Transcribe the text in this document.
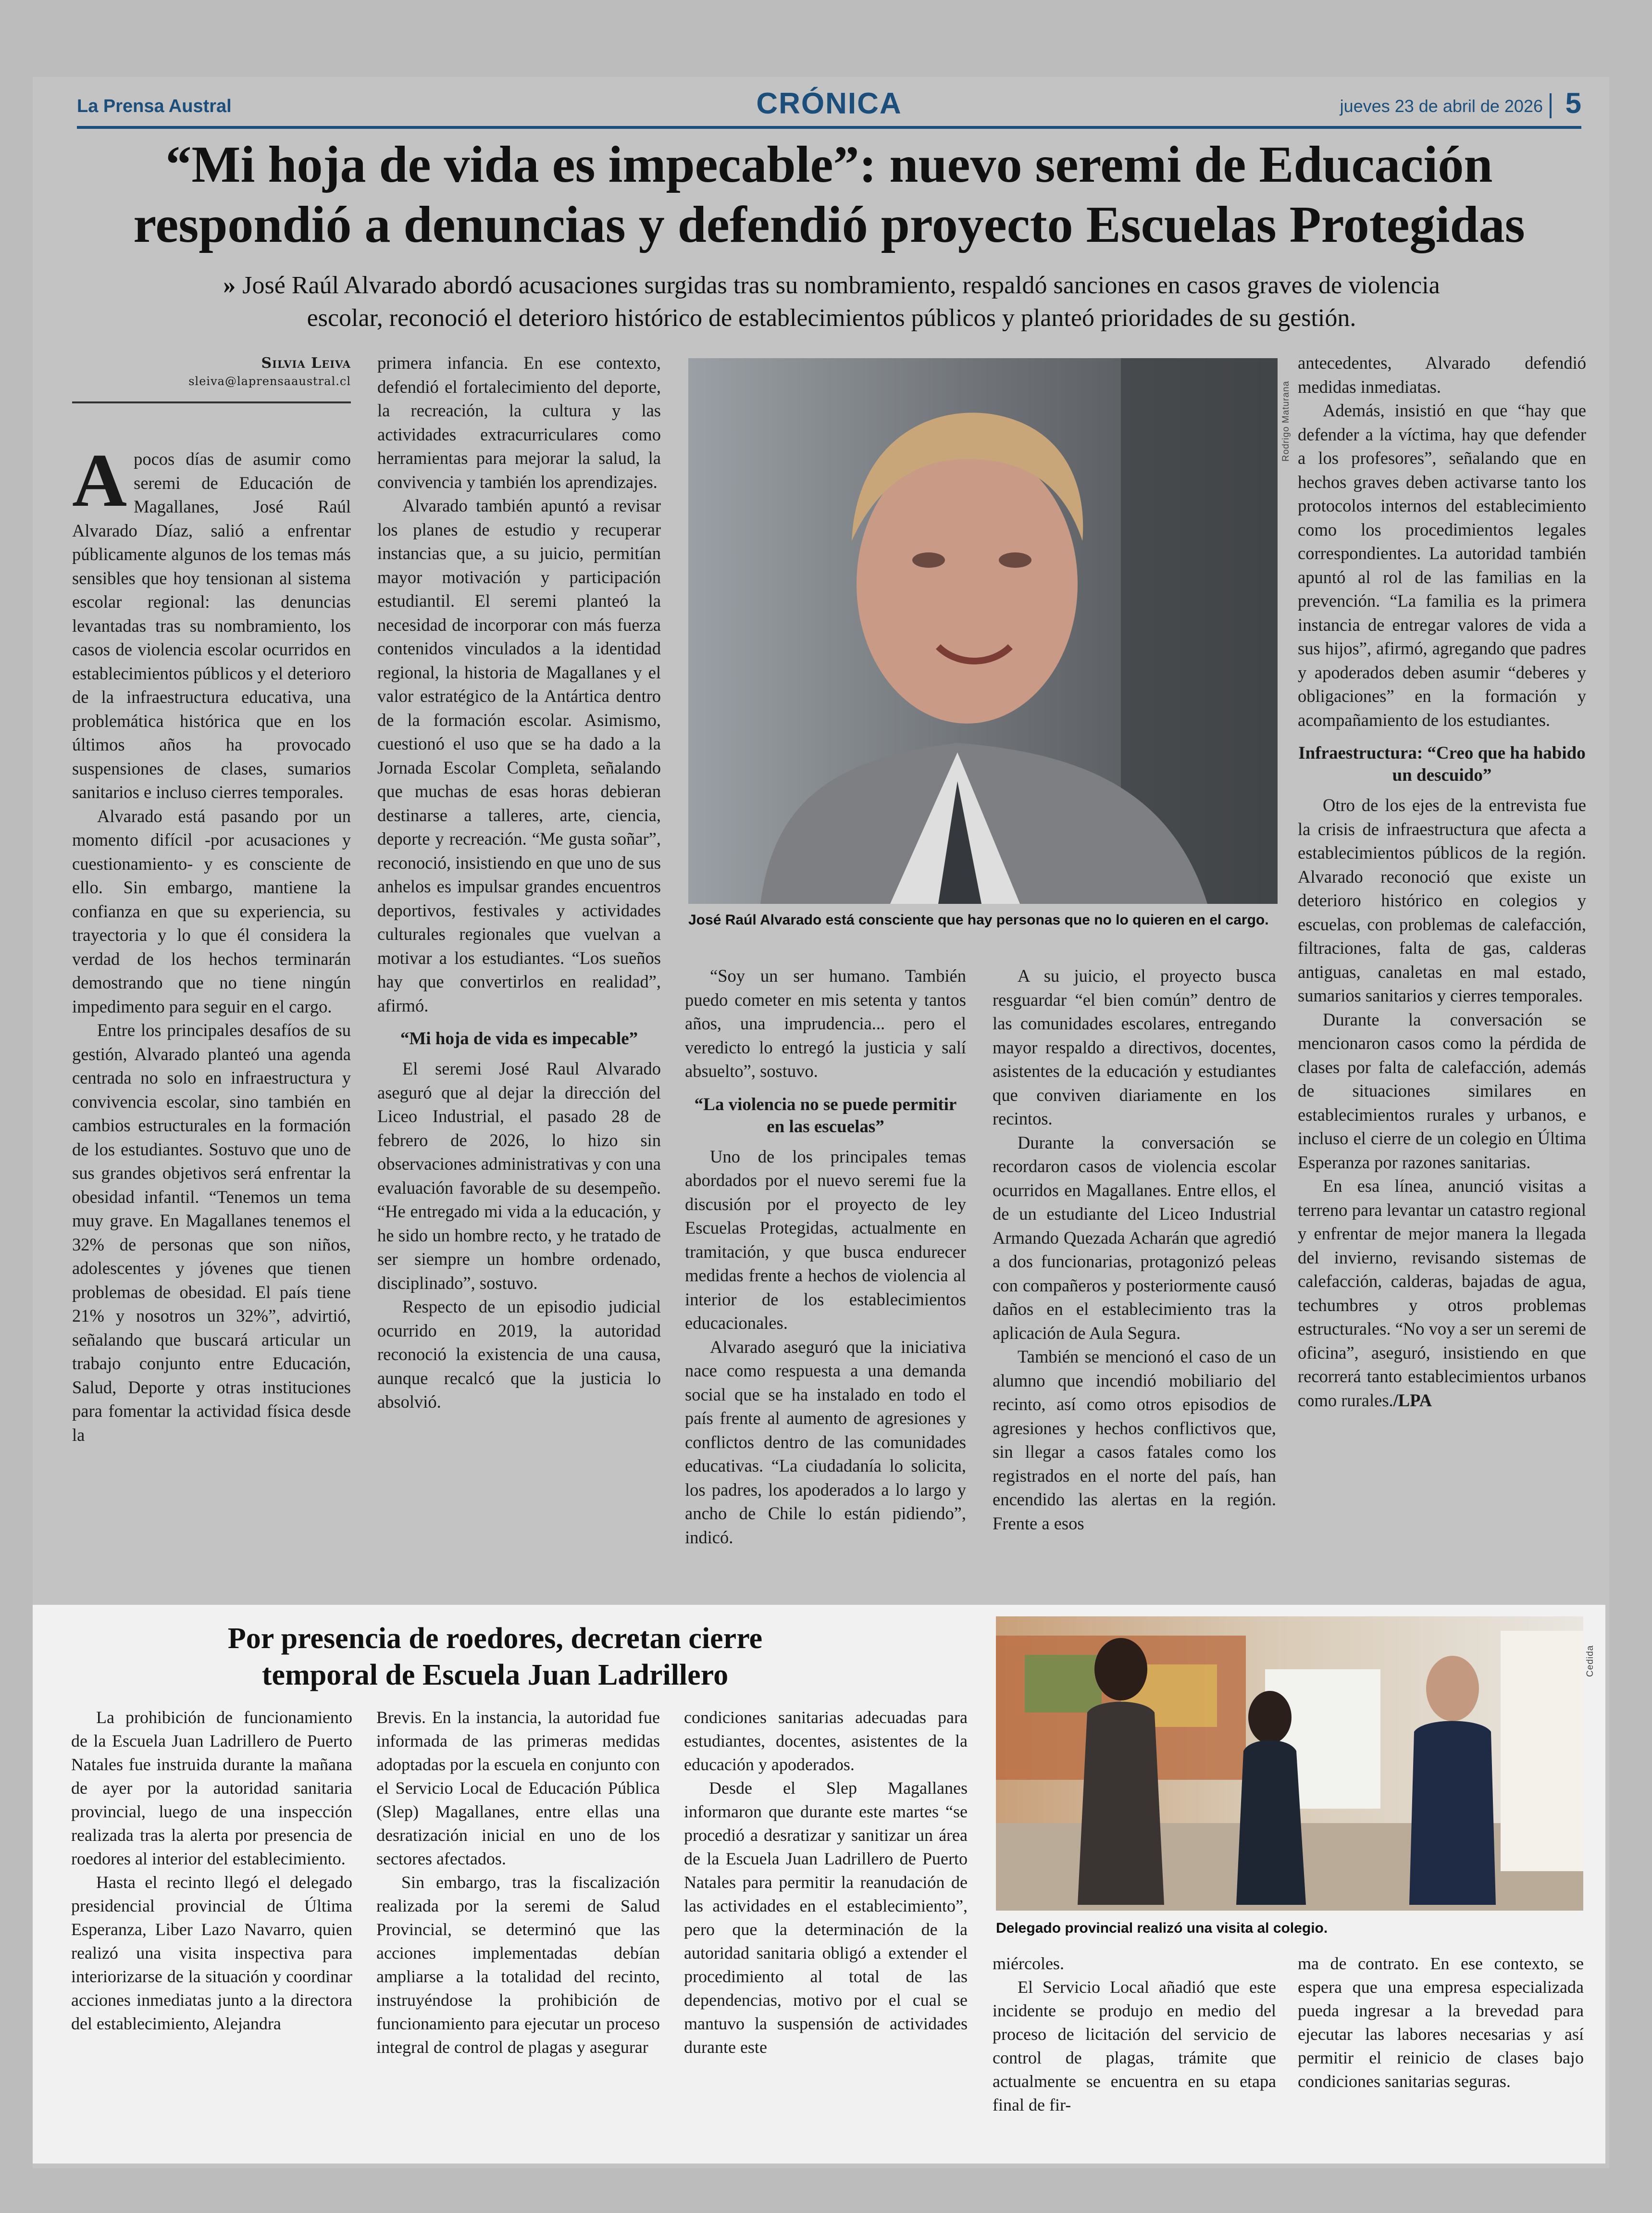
La Prensa Austral	CRÓNICA	jueves 23 de abril de 2026 5
“Mi hoja de vida es impecable”: nuevo seremi de Educación
respondió a denuncias y defendió proyecto Escuelas Protegidas
» José Raúl Alvarado abordó acusaciones surgidas tras su nombramiento, respaldó sanciones en casos graves de violencia
escolar, reconoció el deterioro histórico de establecimientos públicos y planteó prioridades de su gestión.
Silvia Leiva
sleiva@laprensaaustral.cl

Apocos días de asumir como seremi de Educación de Magallanes, José Raúl Alvarado Díaz, salió a enfrentar públicamente algunos de los temas más sensibles que hoy tensionan al sistema escolar regional: las denuncias levantadas tras su nombramiento, los casos de violencia escolar ocurridos en establecimientos públicos y el deterioro de la infraestructura educativa, una problemática histórica que en los últimos años ha provocado suspensiones de clases, sumarios sanitarios e incluso cierres temporales.

Alvarado está pasando por un momento difícil -por acusaciones y cuestionamiento- y es consciente de ello. Sin embargo, mantiene la confianza en que su experiencia, su trayectoria y lo que él considera la verdad de los hechos terminarán demostrando que no tiene ningún impedimento para seguir en el cargo.

Entre los principales desafíos de su gestión, Alvarado planteó una agenda centrada no solo en infraestructura y convivencia escolar, sino también en cambios estructurales en la formación de los estudiantes. Sostuvo que uno de sus grandes objetivos será enfrentar la obesidad infantil. “Tenemos un tema muy grave. En Magallanes tenemos el 32% de personas que son niños, adolescentes y jóvenes que tienen problemas de obesidad. El país tiene 21% y nosotros un 32%”, advirtió, señalando que buscará articular un trabajo conjunto entre Educación, Salud, Deporte y otras instituciones para fomentar la actividad física desde la

primera infancia. En ese contexto, defendió el fortalecimiento del deporte, la recreación, la cultura y las actividades extracurriculares como herramientas para mejorar la salud, la convivencia y también los aprendizajes.

Alvarado también apuntó a revisar los planes de estudio y recuperar instancias que, a su juicio, permitían mayor motivación y participación estudiantil. El seremi planteó la necesidad de incorporar con más fuerza contenidos vinculados a la identidad regional, la historia de Magallanes y el valor estratégico de la Antártica dentro de la formación escolar. Asimismo, cuestionó el uso que se ha dado a la Jornada Escolar Completa, señalando que muchas de esas horas debieran destinarse a talleres, arte, ciencia, deporte y recreación. “Me gusta soñar”, reconoció, insistiendo en que uno de sus anhelos es impulsar grandes encuentros deportivos, festivales y actividades culturales regionales que vuelvan a motivar a los estudiantes. “Los sueños hay que convertirlos en realidad”, afirmó.

“Mi hoja de vida es impecable”

El seremi José Raul Alvarado aseguró que al dejar la dirección del Liceo Industrial, el pasado 28 de febrero de 2026, lo hizo sin observaciones administrativas y con una evaluación favorable de su desempeño. “He entregado mi vida a la educación, y he sido un hombre recto, y he tratado de ser siempre un hombre ordenado, disciplinado”, sostuvo.

Respecto de un episodio judicial ocurrido en 2019, la autoridad reconoció la existencia de una causa, aunque recalcó que la justicia lo absolvió.

Rodrigo Maturana
José Raúl Alvarado está consciente que hay personas que no lo quieren en el cargo.

“Soy un ser humano. También puedo cometer en mis setenta y tantos años, una imprudencia... pero el veredicto lo entregó la justicia y salí absuelto”, sostuvo.

“La violencia no se puede permitir en las escuelas”

Uno de los principales temas abordados por el nuevo seremi fue la discusión por el proyecto de ley Escuelas Protegidas, actualmente en tramitación, y que busca endurecer medidas frente a hechos de violencia al interior de los establecimientos educacionales.

Alvarado aseguró que la iniciativa nace como respuesta a una demanda social que se ha instalado en todo el país frente al aumento de agresiones y conflictos dentro de las comunidades educativas. “La ciudadanía lo solicita, los padres, los apoderados a lo largo y ancho de Chile lo están pidiendo”, indicó.

A su juicio, el proyecto busca resguardar “el bien común” dentro de las comunidades escolares, entregando mayor respaldo a directivos, docentes, asistentes de la educación y estudiantes que conviven diariamente en los recintos.

Durante la conversación se recordaron casos de violencia escolar ocurridos en Magallanes. Entre ellos, el de un estudiante del Liceo Industrial Armando Quezada Acharán que agredió a dos funcionarias, protagonizó peleas con compañeros y posteriormente causó daños en el establecimiento tras la aplicación de Aula Segura.

También se mencionó el caso de un alumno que incendió mobiliario del recinto, así como otros episodios de agresiones y hechos conflictivos que, sin llegar a casos fatales como los registrados en el norte del país, han encendido las alertas en la región. Frente a esos

antecedentes, Alvarado defendió medidas inmediatas.

Además, insistió en que “hay que defender a la víctima, hay que defender a los profesores”, señalando que en hechos graves deben activarse tanto los protocolos internos del establecimiento como los procedimientos legales correspondientes. La autoridad también apuntó al rol de las familias en la prevención. “La familia es la primera instancia de entregar valores de vida a sus hijos”, afirmó, agregando que padres y apoderados deben asumir “deberes y obligaciones” en la formación y acompañamiento de los estudiantes.

Infraestructura: “Creo que ha habido un descuido”

Otro de los ejes de la entrevista fue la crisis de infraestructura que afecta a establecimientos públicos de la región. Alvarado reconoció que existe un deterioro histórico en colegios y escuelas, con problemas de calefacción, filtraciones, falta de gas, calderas antiguas, canaletas en mal estado, sumarios sanitarios y cierres temporales.

Durante la conversación se mencionaron casos como la pérdida de clases por falta de calefacción, además de situaciones similares en establecimientos rurales y urbanos, e incluso el cierre de un colegio en Última Esperanza por razones sanitarias.

En esa línea, anunció visitas a terreno para levantar un catastro regional y enfrentar de mejor manera la llegada del invierno, revisando sistemas de calefacción, calderas, bajadas de agua, techumbres y otros problemas estructurales. “No voy a ser un seremi de oficina”, aseguró, insistiendo en que recorrerá tanto establecimientos urbanos como rurales./LPA

Por presencia de roedores, decretan cierre
temporal de Escuela Juan Ladrillero

La prohibición de funcionamiento de la Escuela Juan Ladrillero de Puerto Natales fue instruida durante la mañana de ayer por la autoridad sanitaria provincial, luego de una inspección realizada tras la alerta por presencia de roedores al interior del establecimiento.

Hasta el recinto llegó el delegado presidencial provincial de Última Esperanza, Liber Lazo Navarro, quien realizó una visita inspectiva para interiorizarse de la situación y coordinar acciones inmediatas junto a la directora del establecimiento, Alejandra

Brevis. En la instancia, la autoridad fue informada de las primeras medidas adoptadas por la escuela en conjunto con el Servicio Local de Educación Pública (Slep) Magallanes, entre ellas una desratización inicial en uno de los sectores afectados.

Sin embargo, tras la fiscalización realizada por la seremi de Salud Provincial, se determinó que las acciones implementadas debían ampliarse a la totalidad del recinto, instruyéndose la prohibición de funcionamiento para ejecutar un proceso integral de control de plagas y asegurar

condiciones sanitarias adecuadas para estudiantes, docentes, asistentes de la educación y apoderados.

Desde el Slep Magallanes informaron que durante este martes “se procedió a desratizar y sanitizar un área de la Escuela Juan Ladrillero de Puerto Natales para permitir la reanudación de las actividades en el establecimiento”, pero que la determinación de la autoridad sanitaria obligó a extender el procedimiento al total de las dependencias, motivo por el cual se mantuvo la suspensión de actividades durante este

Cedida
Delegado provincial realizó una visita al colegio.

miércoles.

El Servicio Local añadió que este incidente se produjo en medio del proceso de licitación del servicio de control de plagas, trámite que actualmente se encuentra en su etapa final de fir-

ma de contrato. En ese contexto, se espera que una empresa especializada pueda ingresar a la brevedad para ejecutar las labores necesarias y así permitir el reinicio de clases bajo condiciones sanitarias seguras.
